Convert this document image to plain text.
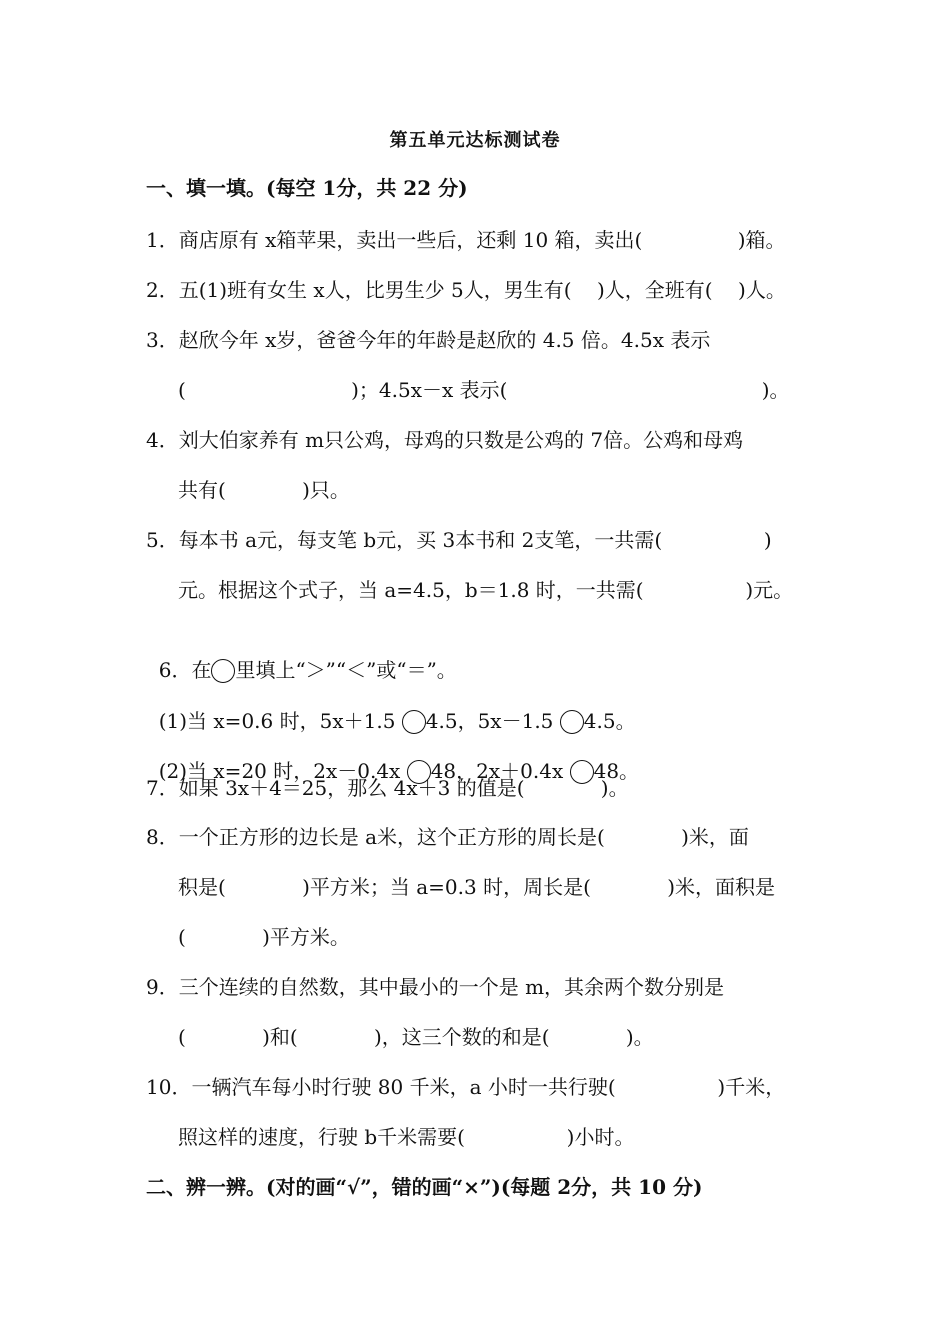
第五单元达标测试卷
一、填一填。(每空 1分，共 22 分)
1．商店原有 x箱苹果，卖出一些后，还剩 10 箱，卖出(               )箱。
2．五(1)班有女生 x人，比男生少 5人，男生有(    )人，全班有(    )人。
3．赵欣今年 x岁，爸爸今年的年龄是赵欣的 4.5 倍。4.5x 表示
(                          )；4.5x－x 表示(                                        )。
4．刘大伯家养有 m只公鸡，母鸡的只数是公鸡的 7倍。公鸡和母鸡
共有(            )只。
5．每本书 a元，每支笔 b元，买 3本书和 2支笔，一共需(                )
元。根据这个式子，当 a=4.5，b＝1.8 时，一共需(                )元。

6．在 里填上“＞”“＜”或“＝”。

(1)当 x=0.6 时，5x＋1.5 4.5，5x－1.5 4.5。

(2)当 x=20 时，2x－0.4x 48，2x＋0.4x 48。

7．如果 3x＋4＝25，那么 4x＋3 的值是(            )。
8．一个正方形的边长是 a米，这个正方形的周长是(            )米，面
积是(            )平方米；当 a=0.3 时，周长是(            )米，面积是
(            )平方米。
9．三个连续的自然数，其中最小的一个是 m，其余两个数分别是
(            )和(            )，这三个数的和是(            )。
10．一辆汽车每小时行驶 80 千米，a 小时一共行驶(                )千米，
照这样的速度，行驶 b千米需要(                )小时。
二、辨一辨。(对的画“√”，错的画“×”)(每题 2分，共 10 分)
